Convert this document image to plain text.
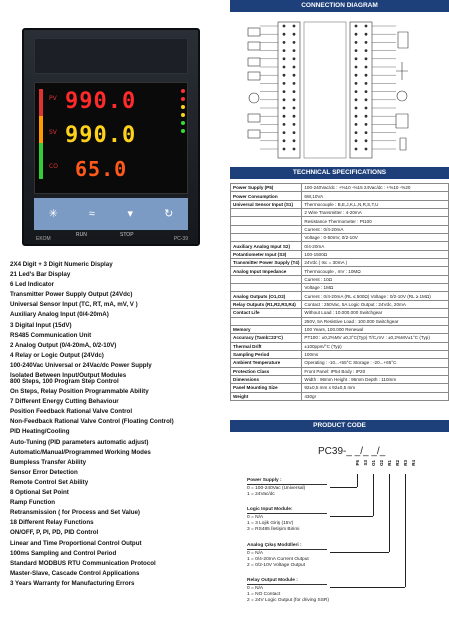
PV 990.0
SV 990.0
CO 65.0
✳	≈	▾	↻
RUN	STOP
EKOM	PC-39
2X4 Digit + 3 Digit Numeric Display
21 Led's Bar Display
6 Led Indicator
Transmitter Power Supply Output (24Vdc)
Universal Sensor Input (TC, RT, mA, mV, V )
Auxiliary Analog Input (0/4-20mA)
3 Digital Input (15dV)
RS485 Communication Unit
2 Analog Output (0/4-20mA, 0/2-10V)
4 Relay or Logic Output (24Vdc)
100-240Vac Universal or 24Vac/dc Power Supply
Isolated Between Input/Output Modules
800 Steps, 100 Program Step Control
On Steps, Relay Position Programmable Ability
7 Different Energy Cutting Behaviour
Position Feedback Rational Valve Control
Non-Feedback Rational Valve Control (Floating Control)
PID Heating/Cooling
Auto-Tuning (PID parameters automatic adjust)
Automatic/Manual/Programmed Working Modes
Bumpless Transfer Ability
Sensor Error Detection
Remote Control Set Ability
8 Optional Set Point
Ramp Function
Retransmission ( for Process and Set Value)
18 Different Relay Functions
ON/OFF, P, PI, PD, PID Control
Linear and Time Proportional Control Output
100ms Sampling and Control Period
Standard MODBUS RTU Communication Protocol
Master-Slave, Cascade Control Applications
3 Years Warranty for Manufacturing Errors
CONNECTION DIAGRAM
TECHNICAL SPECIFICATIONS
Power Supply (P5)	100-240Vac/dc : +%10 -%15 24Vac/dc : +%10 -%20
Power Consumption	6W,10VA
Universal Sensor Input (S1)	Thermocouple : B,E,J,K,L,N,R,S,T,U
	2 Wire Transmitter : 4-20mA
	Resistance Thermometer : Pt100
	Current : 0/4-20mA
	Voltage : 0-50mV, 0/2-10V
Auxiliary Analog Input S2)	0/4-20mA
Potantiometer Input (S3)	100-1500Ω
Transmitter Power Supply (T4)	24Vdc ( Isc = 30mA )
Analog Input Impedance	Thermocouple , mV : 10MΩ
	Current : 10Ω
	Voltage : 1MΩ
Analog Outputs (O1,O2)	Current : 0/4-20mA (RL ≤ 500Ω) Voltage : 0/2-10V (RL ≥ 1MΩ)
Relay Outputs (R1,R2,R3,R4)	Contact : 250Vac, 5A Logic Output : 24Vdc, 20mA
Contact Life	Without Load : 10.000.000 Switchgear
	250V, 5A Resistive Load : 100.000 Switchgear
Memory	100 Years, 100.000 Renewal
Accuracy (Tamb=23°C)	PT100 : ±0,2%MV ±0,3°C(Typ) T/C,mV : ±0,2%MV±1°C (Typ)
Thermal Drift	±100ppm/°C (Typ)
Sampling Period	100ms
Ambient Temperature	Operating : -10...+55°C Storage : -20...+65°C
Protection Class	Front Panel: IP54 Body : IP20
Dimensions	Width : 96mm Height : 96mm Depth : 110mm
Panel Mounting Size	92±0,5 mm x 92±0,5 mm
Weight	430gr
PRODUCT CODE
PC39-_ _/_ _/_
P5 S3 O1 O2 R1 R2 R3 R4
Power Supply :
0 = 100-240Vac (Universal)
1 = 24Vac/dc
Logic Input Module:
0 = N/A
1 = 3 Lojik Giriş (15V)
3 = RS485 İletişim Birimi
Analog Çıkış Modülleri :
0 = N/A
1 = 0/4-20mA Current Output
2 = 0/2-10V Voltage Output
Relay Output Module :
0 = N/A
1 = NO Contact
2 = 24V Logic Output (for driving SSR)
